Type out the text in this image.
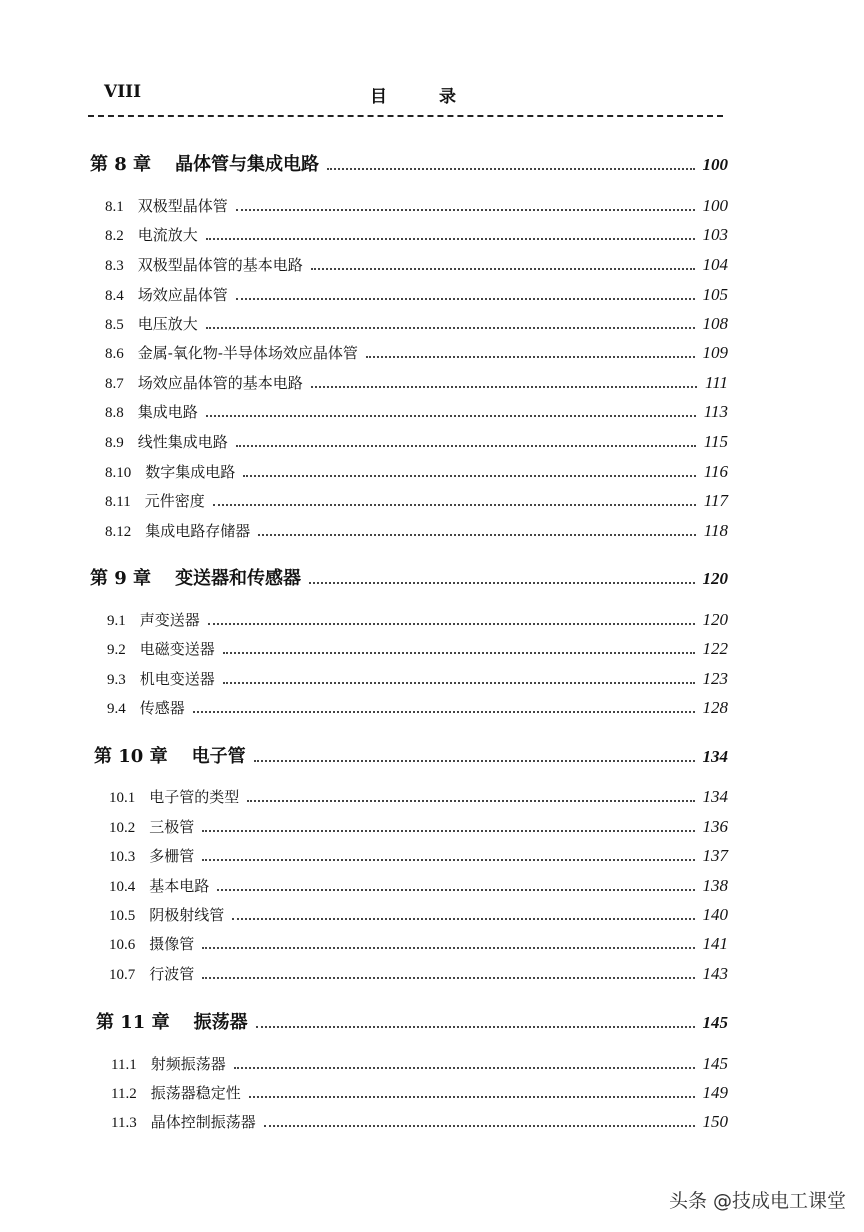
VIII	目录
第 8 章 晶体管与集成电路	100
8.1 双极型晶体管	100
8.2 电流放大	103
8.3 双极型晶体管的基本电路	104
8.4 场效应晶体管	105
8.5 电压放大	108
8.6 金属-氧化物-半导体场效应晶体管	109
8.7 场效应晶体管的基本电路	111
8.8 集成电路	113
8.9 线性集成电路	115
8.10 数字集成电路	116
8.11 元件密度	117
8.12 集成电路存储器	118
第 9 章 变送器和传感器	120
9.1 声变送器	120
9.2 电磁变送器	122
9.3 机电变送器	123
9.4 传感器	128
第 10 章 电子管	134
10.1 电子管的类型	134
10.2 三极管	136
10.3 多栅管	137
10.4 基本电路	138
10.5 阴极射线管	140
10.6 摄像管	141
10.7 行波管	143
第 11 章 振荡器	145
11.1 射频振荡器	145
11.2 振荡器稳定性	149
11.3 晶体控制振荡器	150
头条 @技成电工课堂
